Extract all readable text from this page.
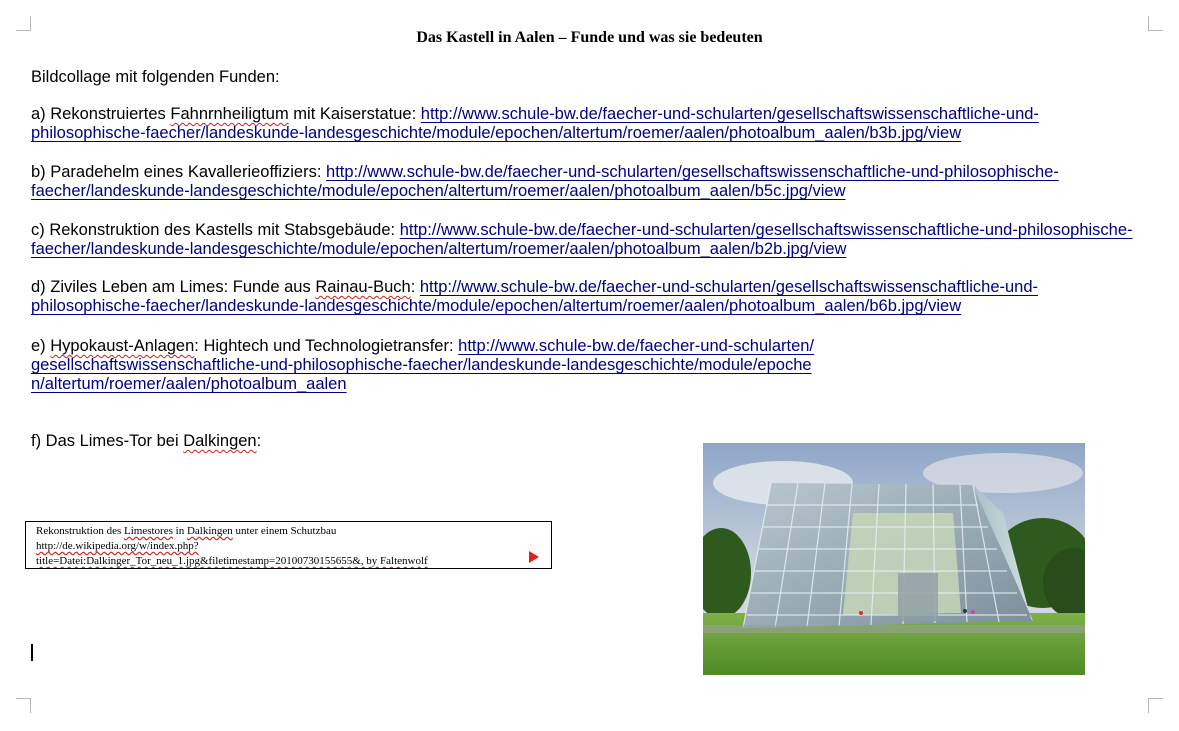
Das Kastell in Aalen – Funde und was sie bedeuten
Bildcollage mit folgenden Funden:
a) Rekonstruiertes Fahnrnheiligtum mit Kaiserstatue: http://www.schule-bw.de/faecher-und-schularten/gesellschaftswissenschaftliche-und-philosophische-faecher/landeskunde-landesgeschichte/module/epochen/altertum/roemer/aalen/photoalbum_aalen/b3b.jpg/view
b) Paradehelm eines Kavallerieoffiziers: http://www.schule-bw.de/faecher-und-schularten/gesellschaftswissenschaftliche-und-philosophische-faecher/landeskunde-landesgeschichte/module/epochen/altertum/roemer/aalen/photoalbum_aalen/b5c.jpg/view
c) Rekonstruktion des Kastells mit Stabsgebäude: http://www.schule-bw.de/faecher-und-schularten/gesellschaftswissenschaftliche-und-philosophische-faecher/landeskunde-landesgeschichte/module/epochen/altertum/roemer/aalen/photoalbum_aalen/b2b.jpg/view
d) Ziviles Leben am Limes: Funde aus Rainau-Buch: http://www.schule-bw.de/faecher-und-schularten/gesellschaftswissenschaftliche-und-philosophische-faecher/landeskunde-landesgeschichte/module/epochen/altertum/roemer/aalen/photoalbum_aalen/b6b.jpg/view
e) Hypokaust-Anlagen: Hightech und Technologietransfer: http://www.schule-bw.de/faecher-und-schularten/gesellschaftswissenschaftliche-und-philosophische-faecher/landeskunde-landesgeschichte/module/epochen/altertum/roemer/aalen/photoalbum_aalen
f) Das Limes-Tor bei Dalkingen:
Rekonstruktion des Limestores in Dalkingen unter einem Schutzbau
http://de.wikipedia.org/w/index.php?
title=Datei:Dalkinger_Tor_neu_1.jpg&filetimestamp=20100730155655&, by Faltenwolf
